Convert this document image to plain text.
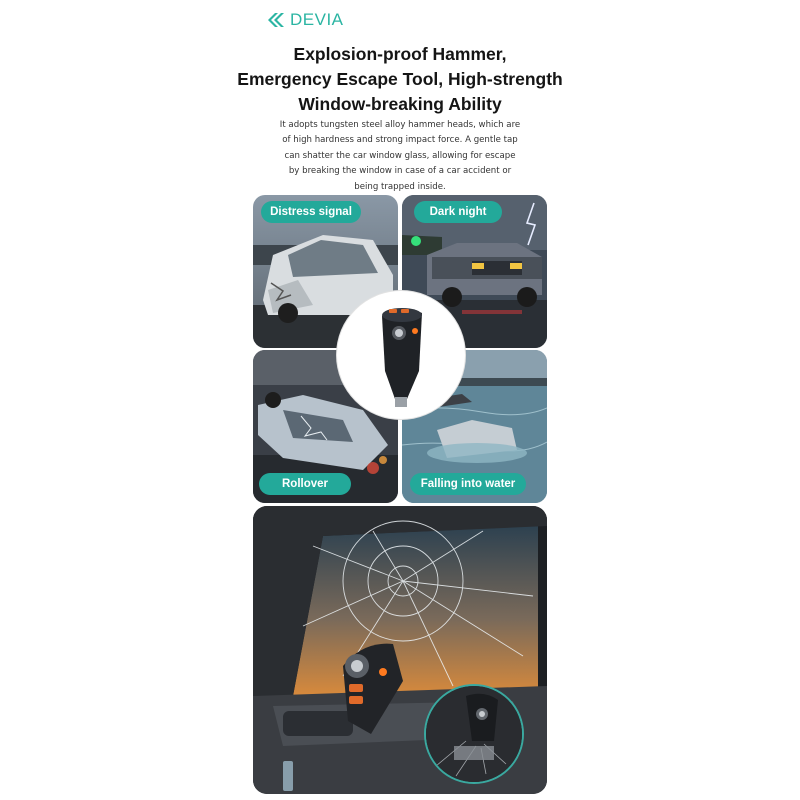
DEVIA
Explosion-proof Hammer,
Emergency Escape Tool, High-strength
Window-breaking Ability
It adopts tungsten steel alloy hammer heads, which are
of high hardness and strong impact force. A gentle tap
can shatter the car window glass, allowing for escape
by breaking the window in case of a car accident or
being trapped inside.
Distress signal	Dark night
Rollover	Falling into water
